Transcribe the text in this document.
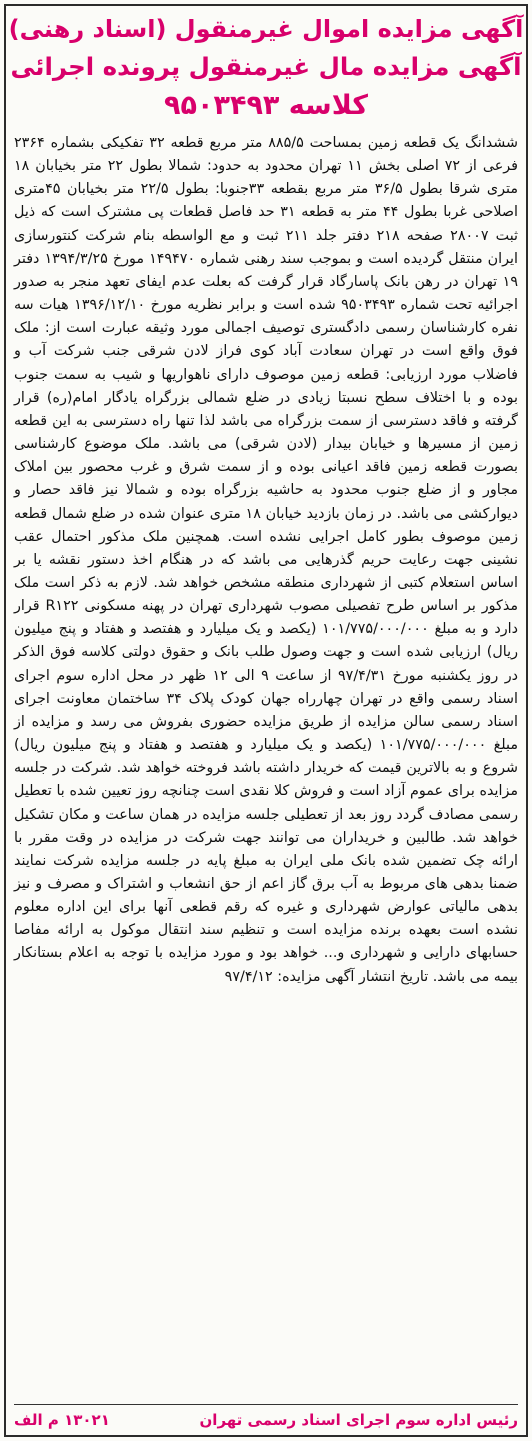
آگهی مزایده اموال غیرمنقول (اسناد رهنی)
آگهی مزایده مال غیرمنقول پرونده اجرائی
کلاسه ۹۵۰۳۴۹۳
ششدانگ یک قطعه زمین بمساحت ۸۸۵/۵ متر مربع قطعه ۳۲ تفکیکی بشماره ۲۳۶۴ فرعی از ۷۲ اصلی بخش ۱۱ تهران محدود به حدود: شمالا بطول ۲۲ متر بخیابان ۱۸ متری شرقا بطول ۳۶/۵ متر مربع بقطعه ۳۳جنوبا: بطول ۲۲/۵ متر بخیابان ۴۵متری اصلاحی غربا بطول ۴۴ متر به قطعه ۳۱ حد فاصل قطعات پی مشترک است که ذیل ثبت ۲۸۰۰۷ صفحه ۲۱۸ دفتر جلد ۲۱۱ ثبت و مع الواسطه بنام شرکت کنتورسازی ایران منتقل گردیده است و بموجب سند رهنی شماره ۱۴۹۴۷۰ مورخ ۱۳۹۴/۳/۲۵ دفتر ۱۹ تهران در رهن بانک پاسارگاد قرار گرفت که بعلت عدم ایفای تعهد منجر به صدور اجرائیه تحت شماره ۹۵۰۳۴۹۳ شده است و برابر نظریه مورخ ۱۳۹۶/۱۲/۱۰ هیات سه نفره کارشناسان رسمی دادگستری توصیف اجمالی مورد وثیقه عبارت است از: ملک فوق واقع است در تهران سعادت آباد کوی فراز لادن شرقی جنب شرکت آب و فاضلاب مورد ارزیابی: قطعه زمین موصوف دارای ناهواریها و شیب به سمت جنوب بوده و با اختلاف سطح نسبتا زیادی در ضلع شمالی بزرگراه یادگار امام(ره) قرار گرفته و فاقد دسترسی از سمت بزرگراه می باشد لذا تنها راه دسترسی به این قطعه زمین از مسیرها و خیابان بیدار (لادن شرقی) می باشد. ملک موضوع کارشناسی بصورت قطعه زمین فاقد اعیانی بوده و از سمت شرق و غرب محصور بین املاک مجاور و از ضلع جنوب محدود به حاشیه بزرگراه بوده و شمالا نیز فاقد حصار و دیوارکشی می باشد. در زمان بازدید خیابان ۱۸ متری عنوان شده در ضلع شمال قطعه زمین موصوف بطور کامل اجرایی نشده است. همچنین ملک مذکور احتمال عقب نشینی جهت رعایت حریم گذرهایی می باشد که در هنگام اخذ دستور نقشه یا بر اساس استعلام کتبی از شهرداری منطقه مشخص خواهد شد. لازم به ذکر است ملک مذکور بر اساس طرح تفصیلی مصوب شهرداری تهران در پهنه مسکونی R۱۲۲ قرار دارد و به مبلغ ۱۰۱/۷۷۵/۰۰۰/۰۰۰ (یکصد و یک میلیارد و هفتصد و هفتاد و پنج میلیون ریال) ارزیابی شده است و جهت وصول طلب بانک و حقوق دولتی کلاسه فوق الذکر در روز یکشنبه مورخ ۹۷/۴/۳۱ از ساعت ۹ الی ۱۲ ظهر در محل اداره سوم اجرای اسناد رسمی واقع در تهران چهارراه جهان کودک پلاک ۳۴ ساختمان معاونت اجرای اسناد رسمی سالن مزایده از طریق مزایده حضوری بفروش می رسد و مزایده از مبلغ ۱۰۱/۷۷۵/۰۰۰/۰۰۰ (یکصد و یک میلیارد و هفتصد و هفتاد و پنج میلیون ریال) شروع و به بالاترین قیمت که خریدار داشته باشد فروخته خواهد شد. شرکت در جلسه مزایده برای عموم آزاد است و فروش کلا نقدی است چنانچه روز تعیین شده با تعطیل رسمی مصادف گردد روز بعد از تعطیلی جلسه مزایده در همان ساعت و مکان تشکیل خواهد شد. طالبین و خریداران می توانند جهت شرکت در مزایده در وقت مقرر با ارائه چک تضمین شده بانک ملی ایران به مبلغ پایه در جلسه مزایده شرکت نمایند ضمنا بدهی های مربوط به آب برق گاز اعم از حق انشعاب و اشتراک و مصرف و نیز بدهی مالیاتی عوارض شهرداری و غیره که رقم قطعی آنها برای این اداره معلوم نشده است بعهده برنده مزایده است و تنظیم سند انتقال موکول به ارائه مفاصا حسابهای دارایی و شهرداری و... خواهد بود و مورد مزایده با توجه به اعلام بستانکار بیمه می باشد. تاریخ انتشار آگهی مزایده: ۹۷/۴/۱۲
رئیس اداره سوم اجرای اسناد رسمی تهران
۱۳۰۲۱ م الف
